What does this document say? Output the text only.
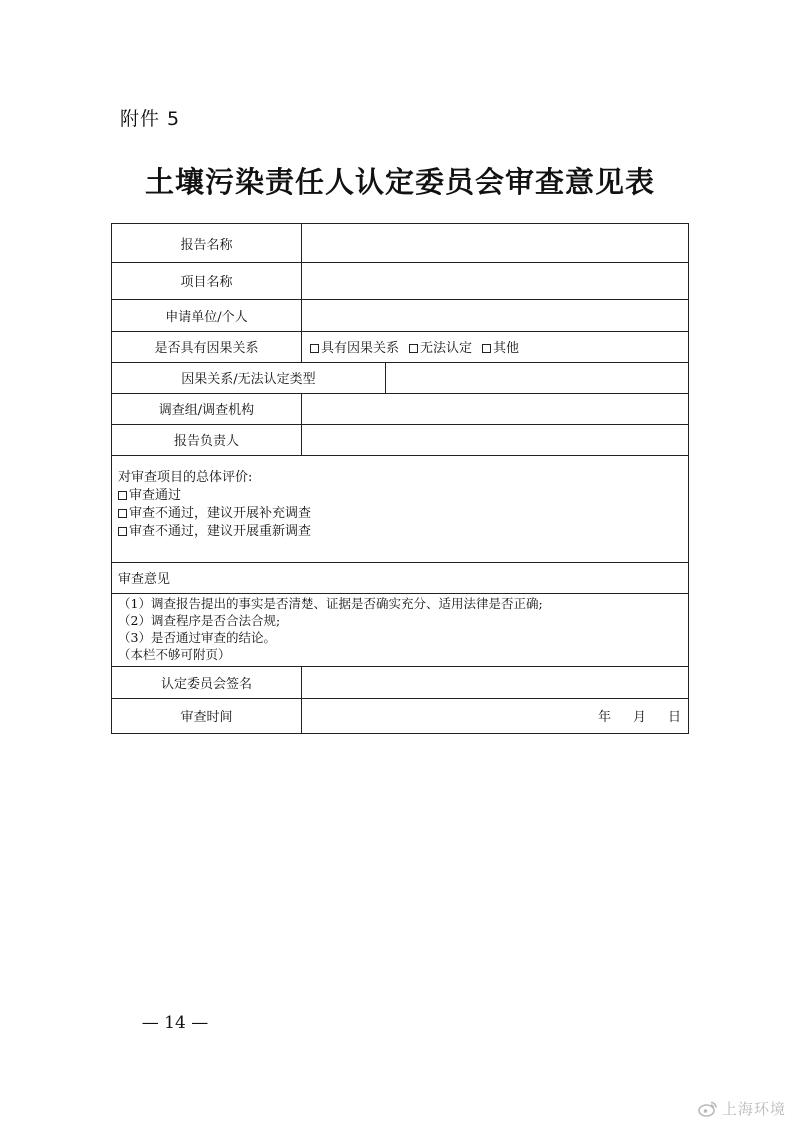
附件 5
土壤污染责任人认定委员会审查意见表
报告名称
项目名称
申请单位/个人
是否具有因果关系	具有因果关系	无法认定	其他
因果关系/无法认定类型
调查组/调查机构
报告负责人
对审查项目的总体评价:
审查通过
审查不通过，建议开展补充调查
审查不通过，建议开展重新调查
审查意见
（1）调查报告提出的事实是否清楚、证据是否确实充分、适用法律是否正确;
（2）调查程序是否合法合规;
（3）是否通过审查的结论。
（本栏不够可附页）
认定委员会签名
审查时间	年 月 日
— 14 —
上海环境
